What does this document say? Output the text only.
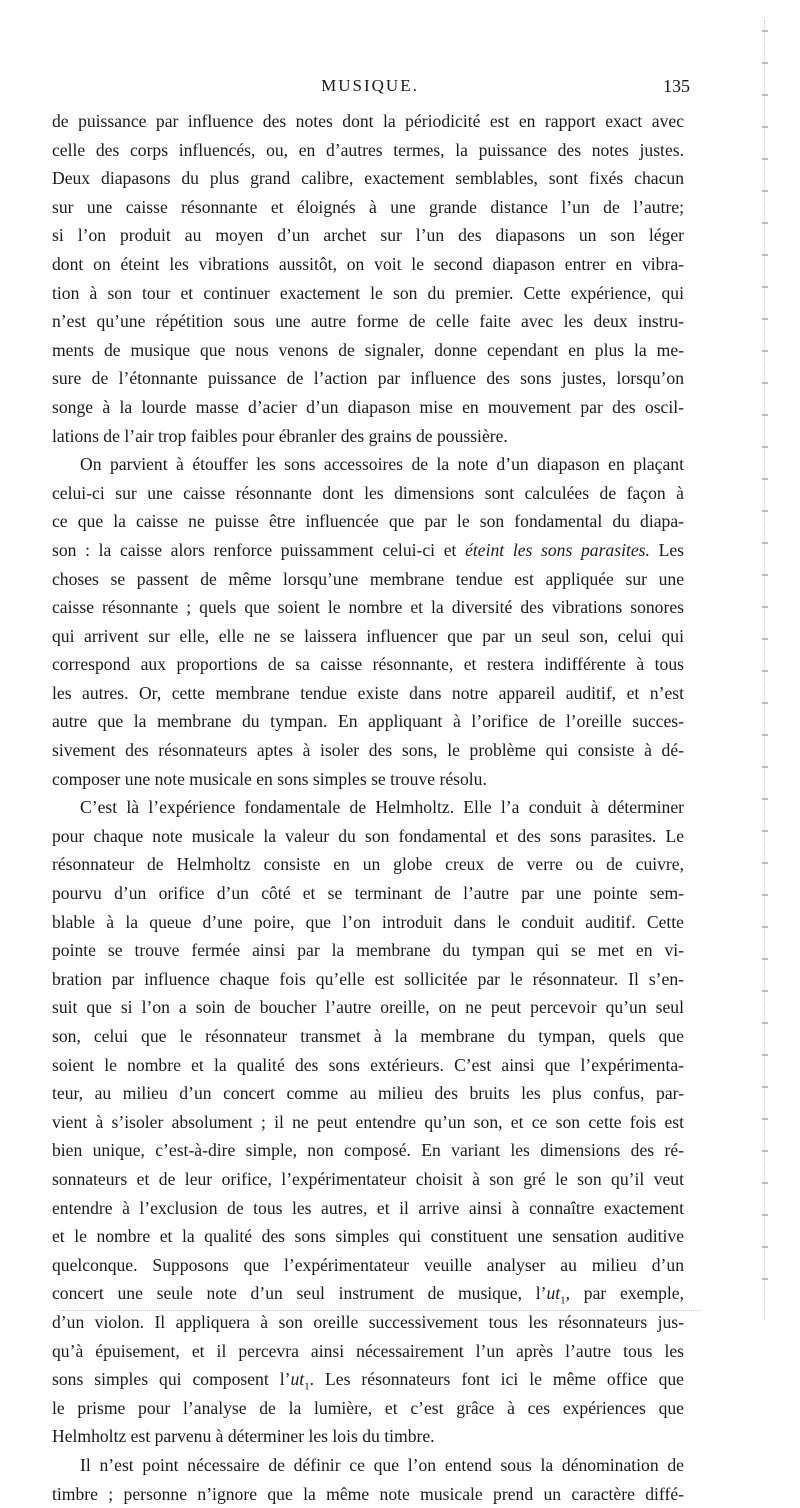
MUSIQUE.	135
de puissance par influence des notes dont la périodicité est en rapport exact avec
celle des corps influencés, ou, en d’autres termes, la puissance des notes justes.
Deux diapasons du plus grand calibre, exactement semblables, sont fixés chacun
sur une caisse résonnante et éloignés à une grande distance l’un de l’autre;
si l’on produit au moyen d’un archet sur l’un des diapasons un son léger
dont on éteint les vibrations aussitôt, on voit le second diapason entrer en vibra-
tion à son tour et continuer exactement le son du premier. Cette expérience, qui
n’est qu’une répétition sous une autre forme de celle faite avec les deux instru-
ments de musique que nous venons de signaler, donne cependant en plus la me-
sure de l’étonnante puissance de l’action par influence des sons justes, lorsqu’on
songe à la lourde masse d’acier d’un diapason mise en mouvement par des oscil-
lations de l’air trop faibles pour ébranler des grains de poussière.
On parvient à étouffer les sons accessoires de la note d’un diapason en plaçant
celui-ci sur une caisse résonnante dont les dimensions sont calculées de façon à
ce que la caisse ne puisse être influencée que par le son fondamental du diapa-
son : la caisse alors renforce puissamment celui-ci et éteint les sons parasites. Les
choses se passent de même lorsqu’une membrane tendue est appliquée sur une
caisse résonnante ; quels que soient le nombre et la diversité des vibrations sonores
qui arrivent sur elle, elle ne se laissera influencer que par un seul son, celui qui
correspond aux proportions de sa caisse résonnante, et restera indifférente à tous
les autres. Or, cette membrane tendue existe dans notre appareil auditif, et n’est
autre que la membrane du tympan. En appliquant à l’orifice de l’oreille succes-
sivement des résonnateurs aptes à isoler des sons, le problème qui consiste à dé-
composer une note musicale en sons simples se trouve résolu.
C’est là l’expérience fondamentale de Helmholtz. Elle l’a conduit à déterminer
pour chaque note musicale la valeur du son fondamental et des sons parasites. Le
résonnateur de Helmholtz consiste en un globe creux de verre ou de cuivre,
pourvu d’un orifice d’un côté et se terminant de l’autre par une pointe sem-
blable à la queue d’une poire, que l’on introduit dans le conduit auditif. Cette
pointe se trouve fermée ainsi par la membrane du tympan qui se met en vi-
bration par influence chaque fois qu’elle est sollicitée par le résonnateur. Il s’en-
suit que si l’on a soin de boucher l’autre oreille, on ne peut percevoir qu’un seul
son, celui que le résonnateur transmet à la membrane du tympan, quels que
soient le nombre et la qualité des sons extérieurs. C’est ainsi que l’expérimenta-
teur, au milieu d’un concert comme au milieu des bruits les plus confus, par-
vient à s’isoler absolument ; il ne peut entendre qu’un son, et ce son cette fois est
bien unique, c’est-à-dire simple, non composé. En variant les dimensions des ré-
sonnateurs et de leur orifice, l’expérimentateur choisit à son gré le son qu’il veut
entendre à l’exclusion de tous les autres, et il arrive ainsi à connaître exactement
et le nombre et la qualité des sons simples qui constituent une sensation auditive
quelconque. Supposons que l’expérimentateur veuille analyser au milieu d’un
concert une seule note d’un seul instrument de musique, $l’ut_1$, par exemple,
d’un violon. Il appliquera à son oreille successivement tous les résonnateurs jus-
qu’à épuisement, et il percevra ainsi nécessairement l’un après l’autre tous les
sons simples qui composent $l’ut_1$. Les résonnateurs font ici le même office que
le prisme pour l’analyse de la lumière, et c’est grâce à ces expériences que
Helmholtz est parvenu à déterminer les lois du timbre.
Il n’est point nécessaire de définir ce que l’on entend sous la dénomination de
timbre ; personne n’ignore que la même note musicale prend un caractère diffé-
